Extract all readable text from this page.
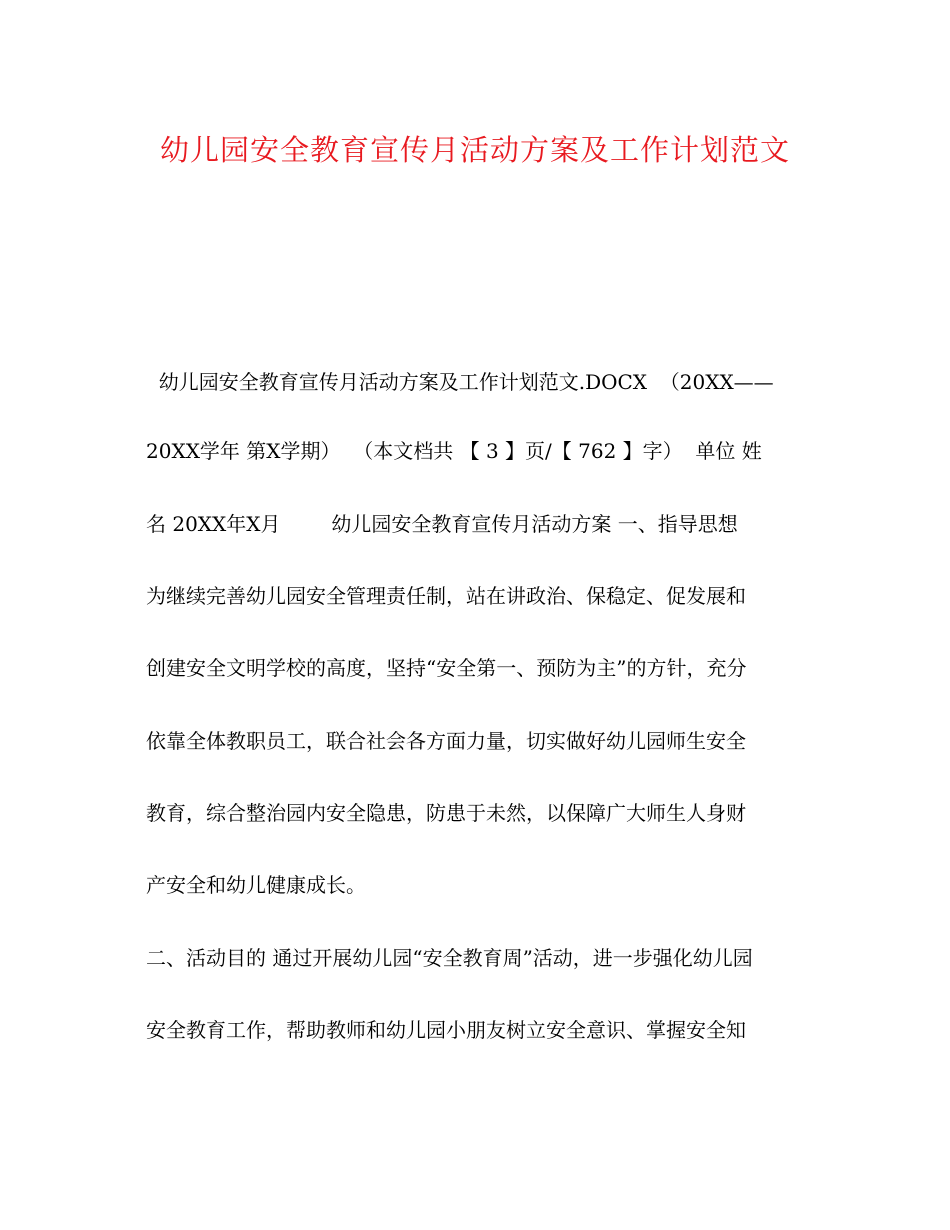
幼儿园安全教育宣传月活动方案及工作计划范文
幼儿园安全教育宣传月活动方案及工作计划范文.DOCX  （20XX——
20XX学年 第X学期）  （本文档共 【 3 】页/【 762 】字）  单位 姓
名 20XX年X月        幼儿园安全教育宣传月活动方案 一、指导思想
为继续完善幼儿园安全管理责任制，站在讲政治、保稳定、促发展和
创建安全文明学校的高度，坚持“安全第一、预防为主”的方针，充分
依靠全体教职员工，联合社会各方面力量，切实做好幼儿园师生安全
教育，综合整治园内安全隐患，防患于未然，以保障广大师生人身财
产安全和幼儿健康成长。
二、活动目的 通过开展幼儿园“安全教育周”活动，进一步强化幼儿园
安全教育工作，帮助教师和幼儿园小朋友树立安全意识、掌握安全知
